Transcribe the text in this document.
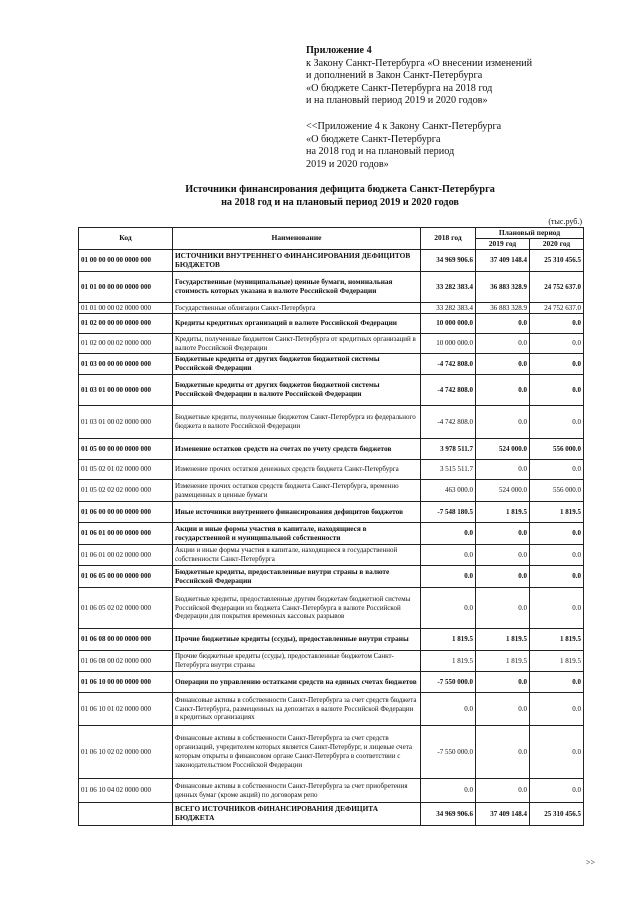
Приложение 4
к Закону Санкт-Петербурга «О внесении изменений
и дополнений в Закон Санкт-Петербурга
«О бюджете Санкт-Петербурга на 2018 год
и на плановый период 2019 и 2020 годов»
<<Приложение 4 к Закону Санкт-Петербурга
«О бюджете Санкт-Петербурга
на 2018 год и на плановый период
2019 и 2020 годов»
Источники финансирования дефицита бюджета Санкт-Петербурга
на 2018 год и на плановый период 2019 и 2020 годов
(тыс.руб.)
Код	Наименование	2018 год	Плановый период	
			2019 год	2020 год
01 00 00 00 00 0000 000	ИСТОЧНИКИ ВНУТРЕННЕГО ФИНАНСИРОВАНИЯ ДЕФИЦИТОВ БЮДЖЕТОВ	34 969 906.6	37 409 148.4	25 310 456.5
01 01 00 00 00 0000 000	Государственные (муниципальные) ценные бумаги, номинальная стоимость которых указана в валюте Российской Федерации	33 282 383.4	36 883 328.9	24 752 637.0
01 01 00 00 02 0000 000	Государственные облигации Санкт-Петербурга	33 282 383.4	36 883 328.9	24 752 637.0
01 02 00 00 00 0000 000	Кредиты кредитных организаций в валюте Российской Федерации	10 000 000.0	0.0	0.0
01 02 00 00 02 0000 000	Кредиты, полученные бюджетом Санкт-Петербурга от кредитных организаций в валюте Российской Федерации	10 000 000.0	0.0	0.0
01 03 00 00 00 0000 000	Бюджетные кредиты от других бюджетов бюджетной системы Российской Федерации	-4 742 808.0	0.0	0.0
01 03 01 00 00 0000 000	Бюджетные кредиты от других бюджетов бюджетной системы Российской Федерации в валюте Российской Федерации	-4 742 808.0	0.0	0.0
01 03 01 00 02 0000 000	Бюджетные кредиты, полученные бюджетом Санкт-Петербурга из федерального бюджета в валюте Российской Федерации	-4 742 808.0	0.0	0.0
01 05 00 00 00 0000 000	Изменение остатков средств на счетах по учету средств бюджетов	3 978 511.7	524 000.0	556 000.0
01 05 02 01 02 0000 000	Изменение прочих остатков денежных средств бюджета Санкт-Петербурга	3 515 511.7	0.0	0.0
01 05 02 02 02 0000 000	Изменение прочих остатков средств бюджета Санкт-Петербурга, временно размещенных в ценные бумаги	463 000.0	524 000.0	556 000.0
01 06 00 00 00 0000 000	Иные источники внутреннего финансирования дефицитов бюджетов	-7 548 180.5	1 819.5	1 819.5
01 06 01 00 00 0000 000	Акции и иные формы участия в капитале, находящиеся в государственной и муниципальной собственности	0.0	0.0	0.0
01 06 01 00 02 0000 000	Акции и иные формы участия в капитале, находящиеся в государственной собственности Санкт-Петербурга	0.0	0.0	0.0
01 06 05 00 00 0000 000	Бюджетные кредиты, предоставленные внутри страны в валюте Российской Федерации	0.0	0.0	0.0
01 06 05 02 02 0000 000	Бюджетные кредиты, предоставленные другим бюджетам бюджетной системы Российской Федерации из бюджета Санкт-Петербурга в валюте Российской Федерации для покрытия временных кассовых разрывов	0.0	0.0	0.0
01 06 08 00 00 0000 000	Прочие бюджетные кредиты (ссуды), предоставленные внутри страны	1 819.5	1 819.5	1 819.5
01 06 08 00 02 0000 000	Прочие бюджетные кредиты (ссуды), предоставленные бюджетом Санкт-Петербурга внутри страны	1 819.5	1 819.5	1 819.5
01 06 10 00 00 0000 000	Операции по управлению остатками средств на единых счетах бюджетов	-7 550 000.0	0.0	0.0
01 06 10 01 02 0000 000	Финансовые активы в собственности Санкт-Петербурга за счет средств бюджета Санкт-Петербурга, размещенных на депозитах в валюте Российской Федерации в кредитных организациях	0.0	0.0	0.0
01 06 10 02 02 0000 000	Финансовые активы в собственности Санкт-Петербурга за счет средств организаций, учредителем которых является Санкт-Петербург, и лицевые счета которым открыты в финансовом органе Санкт-Петербурга в соответствии с законодательством Российской Федерации	-7 550 000.0	0.0	0.0
01 06 10 04 02 0000 000	Финансовые активы в собственности Санкт-Петербурга за счет приобретения ценных бумаг (кроме акций) по договорам репо	0.0	0.0	0.0
	ВСЕГО ИСТОЧНИКОВ ФИНАНСИРОВАНИЯ ДЕФИЦИТА БЮДЖЕТА	34 969 906.6	37 409 148.4	25 310 456.5
>>
